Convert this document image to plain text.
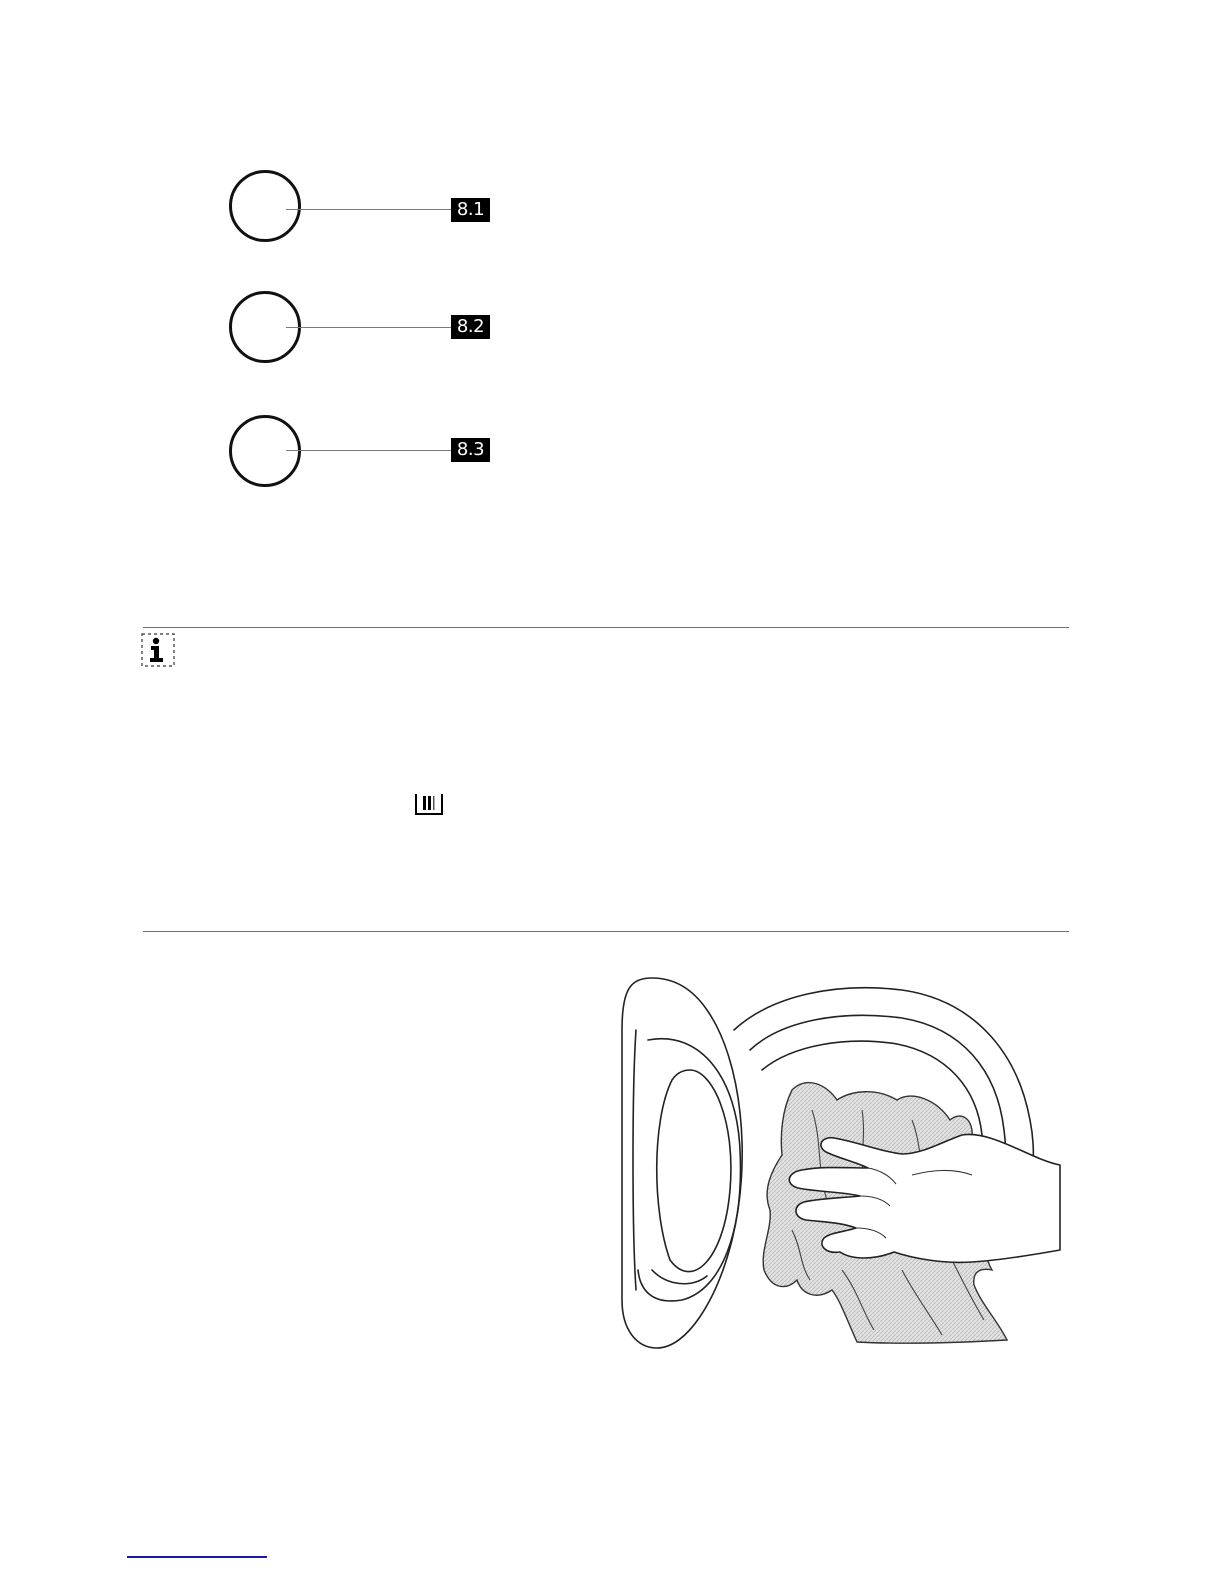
8.1
8.2
8.3
